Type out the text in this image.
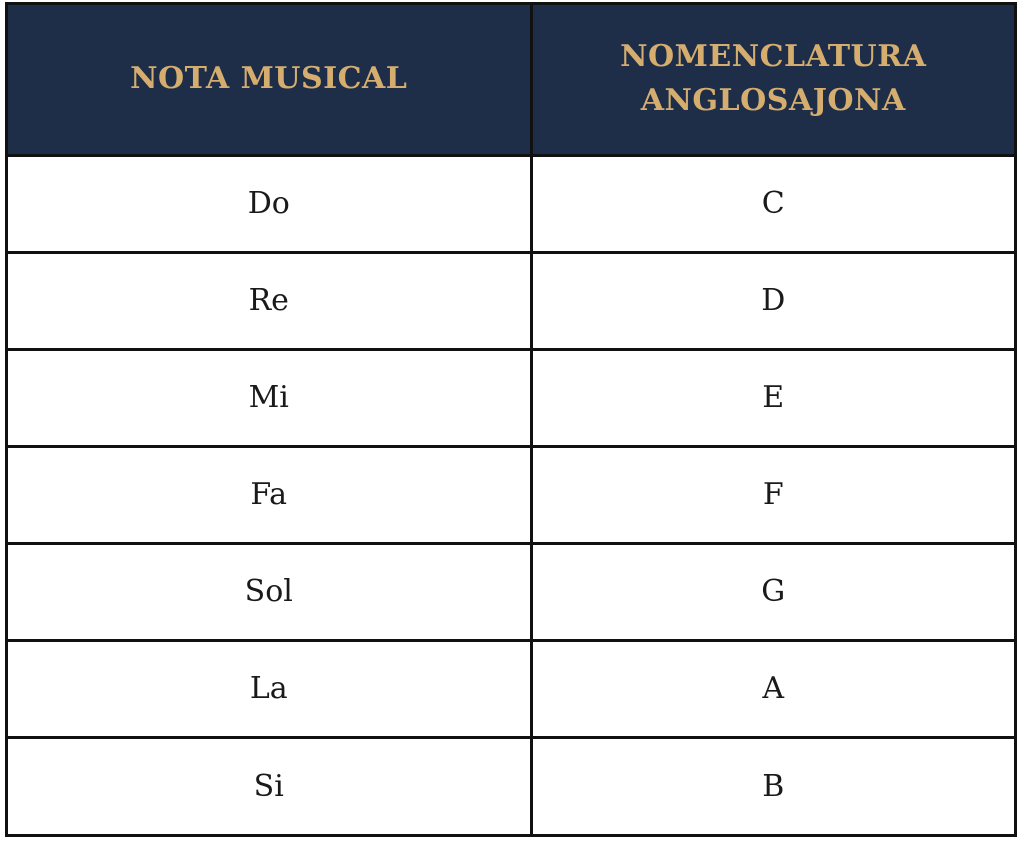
NOTA MUSICAL	NOMENCLATURA
ANGLOSAJONA

Do	C
Re	D
Mi	E
Fa	F
Sol	G
La	A
Si	B
